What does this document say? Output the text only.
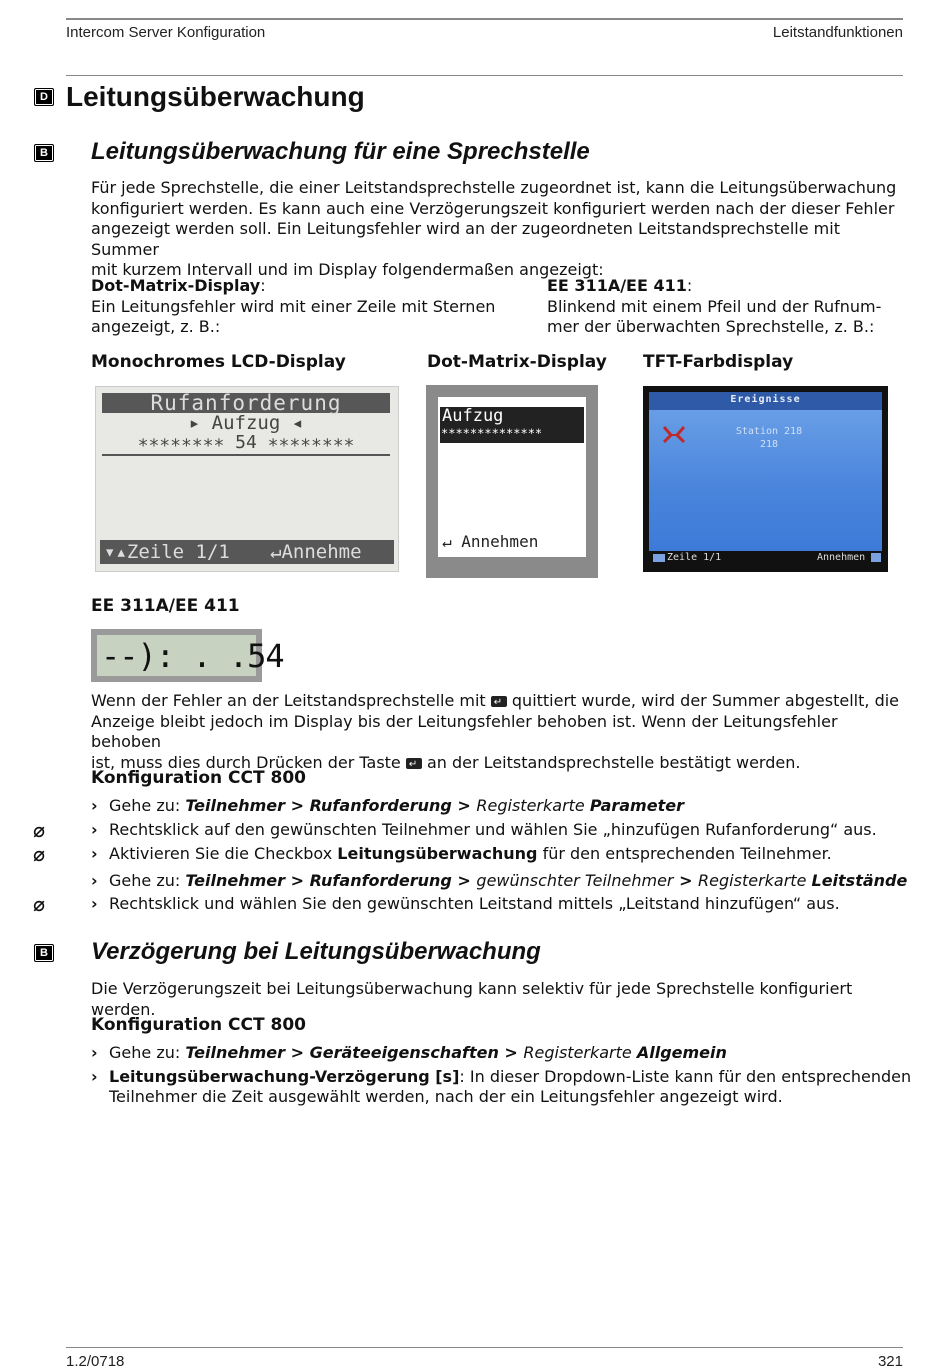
Intercom Server Konfiguration	Leitstandfunktionen
D Leitungsüberwachung
B Leitungsüberwachung für eine Sprechstelle
Für jede Sprechstelle, die einer Leitstandsprechstelle zugeordnet ist, kann die Leitungsüberwachung
konfiguriert werden. Es kann auch eine Verzögerungszeit konfiguriert werden nach der dieser Fehler
angezeigt werden soll. Ein Leitungsfehler wird an der zugeordneten Leitstandsprechstelle mit Summer
mit kurzem Intervall und im Display folgendermaßen angezeigt:
Dot-Matrix-Display:
Ein Leitungsfehler wird mit einer Zeile mit Sternen
angezeigt, z. B.:
EE 311A/EE 411:
Blinkend mit einem Pfeil und der Rufnum-
mer der überwachten Sprechstelle, z. B.:
Monochromes LCD-Display	Dot-Matrix-Display TFT-Farbdisplay
Rufanforderung
▸ Aufzug ◂
∗∗∗∗∗∗∗∗ 54 ∗∗∗∗∗∗∗∗
▾▴Zeile 1/1 ↵Annehme
Aufzug
∗∗∗∗∗∗∗∗∗∗∗∗∗∗
↵ Annehmen
Ereignisse
Station 218
218
Zeile 1/1	Annehmen
EE 311A/EE 411
--): . .54
Wenn der Fehler an der Leitstandsprechstelle mit ↵ quittiert wurde, wird der Summer abgestellt, die
Anzeige bleibt jedoch im Display bis der Leitungsfehler behoben ist. Wenn der Leitungsfehler behoben
ist, muss dies durch Drücken der Taste ↵ an der Leitstandsprechstelle bestätigt werden.
Konfiguration CCT 800
› Gehe zu: Teilnehmer > Rufanforderung > Registerkarte Parameter
⌀	› Rechtsklick auf den gewünschten Teilnehmer und wählen Sie „hinzufügen Rufanforderung“ aus.
⌀	› Aktivieren Sie die Checkbox Leitungsüberwachung für den entsprechenden Teilnehmer.
› Gehe zu: Teilnehmer > Rufanforderung > gewünschter Teilnehmer > Registerkarte Leitstände
⌀	› Rechtsklick und wählen Sie den gewünschten Leitstand mittels „Leitstand hinzufügen“ aus.
B Verzögerung bei Leitungsüberwachung
Die Verzögerungszeit bei Leitungsüberwachung kann selektiv für jede Sprechstelle konfiguriert werden.
Konfiguration CCT 800
› Gehe zu: Teilnehmer > Geräteeigenschaften > Registerkarte Allgemein
› Leitungsüberwachung-Verzögerung [s]: In dieser Dropdown-Liste kann für den entsprechenden
Teilnehmer die Zeit ausgewählt werden, nach der ein Leitungsfehler angezeigt wird.
1.2/0718	321
